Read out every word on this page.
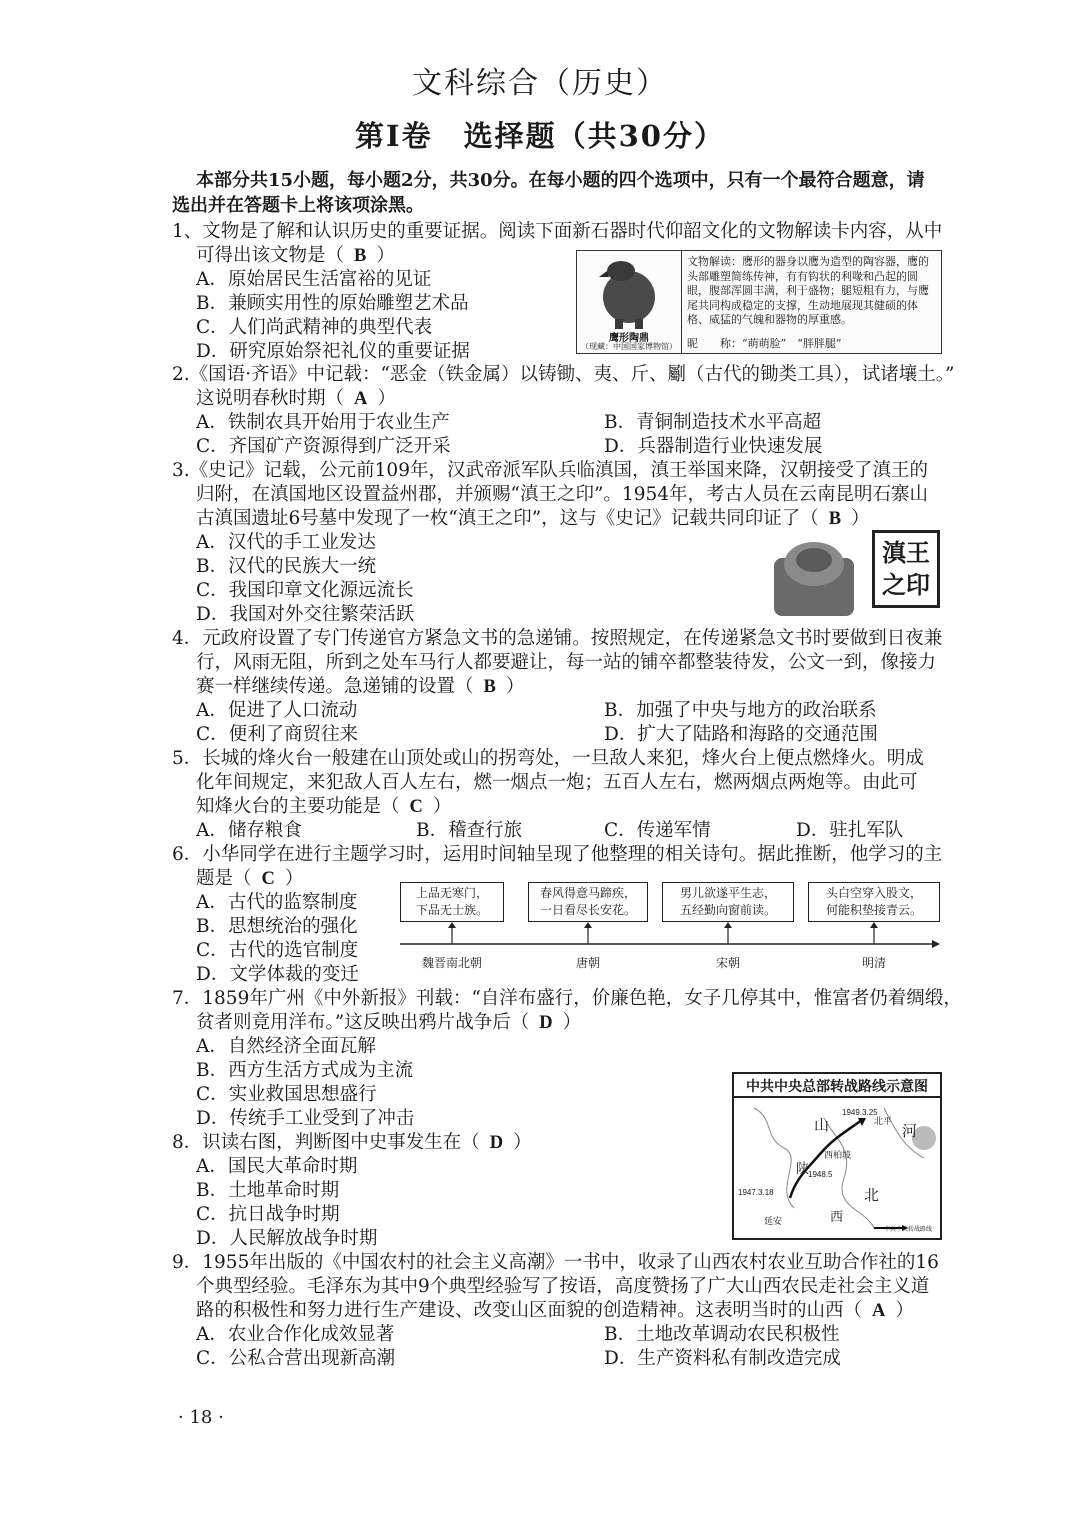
文科综合（历史）
第Ⅰ卷　选择题（共30分）
本部分共15小题，每小题2分，共30分。在每小题的四个选项中，只有一个最符合题意，请选出并在答题卡上将该项涂黑。
1、文物是了解和认识历史的重要证据。阅读下面新石器时代仰韶文化的文物解读卡内容，从中
可得出该文物是（ B ）
A．原始居民生活富裕的见证
B．兼顾实用性的原始雕塑艺术品
C．人们尚武精神的典型代表
D．研究原始祭祀礼仪的重要证据
鹰形陶鼎
（现藏：中国国家博物馆）
文物解读：鹰形的器身以鹰为造型的陶容器，鹰的头部雕塑简练传神，有有钩状的利喙和凸起的圆眼，腹部浑圆丰满，利于盛物；腿短粗有力，与鹰尾共同构成稳定的支撑，生动地展现其健硕的体格、威猛的气魄和器物的厚重感。
昵　　称：“萌萌脸”　“胖胖腿”
2.《国语·齐语》中记载：“恶金（铁金属）以铸锄、夷、斤、劚（古代的锄类工具），试诸壤土。”
这说明春秋时期（ A ）
A．铁制农具开始用于农业生产	B．青铜制造技术水平高超
C．齐国矿产资源得到广泛开采	D．兵器制造行业快速发展
3.《史记》记载，公元前109年，汉武帝派军队兵临滇国，滇王举国来降，汉朝接受了滇王的
归附，在滇国地区设置益州郡，并颁赐“滇王之印”。1954年，考古人员在云南昆明石寨山
古滇国遗址6号墓中发现了一枚“滇王之印”，这与《史记》记载共同印证了（ B ）
A．汉代的手工业发达
B．汉代的民族大一统
C．我国印章文化源远流长
D．我国对外交往繁荣活跃
滇王
之印
4．元政府设置了专门传递官方紧急文书的急递铺。按照规定，在传递紧急文书时要做到日夜兼
行，风雨无阻，所到之处车马行人都要避让，每一站的铺卒都整装待发，公文一到，像接力
赛一样继续传递。急递铺的设置（ B ）
A．促进了人口流动	B．加强了中央与地方的政治联系
C．便利了商贸往来	D．扩大了陆路和海路的交通范围
5．长城的烽火台一般建在山顶处或山的拐弯处，一旦敌人来犯，烽火台上便点燃烽火。明成
化年间规定，来犯敌人百人左右，燃一烟点一炮；五百人左右，燃两烟点两炮等。由此可
知烽火台的主要功能是（ C ）
A．储存粮食	B．稽查行旅	C．传递军情	D．驻扎军队
6．小华同学在进行主题学习时，运用时间轴呈现了他整理的相关诗句。据此推断，他学习的主
题是（ C ）
A．古代的监察制度
B．思想统治的强化
C．古代的选官制度
D．文学体裁的变迁
上品无寒门，
下品无士族。
春风得意马蹄疾，
一日看尽长安花。
男儿欲遂平生志，
五经勤向窗前读。
头白空穿入股文，
何能积垫接青云。
魏晋南北朝	唐朝	宋朝	明清
7．1859年广州《中外新报》刊载：“自洋布盛行，价廉色艳，女子几停其中，惟富者仍着绸缎，
贫者则竟用洋布。”这反映出鸦片战争后（ D ）
A．自然经济全面瓦解
B．西方生活方式成为主流
C．实业救国思想盛行
D．传统手工业受到了冲击
8．识读右图，判断图中史事发生在（ D ）
A．国民大革命时期
B．土地革命时期
C．抗日战争时期
D．人民解放战争时期
中共中央总部转战路线示意图
山
陕
西
北
河
西柏坡
北平
延安
1947.3.18
1949.3.25
1948.5
中共中央转战路线
9．1955年出版的《中国农村的社会主义高潮》一书中，收录了山西农村农业互助合作社的16
个典型经验。毛泽东为其中9个典型经验写了按语，高度赞扬了广大山西农民走社会主义道
路的积极性和努力进行生产建设、改变山区面貌的创造精神。这表明当时的山西（ A ）
A．农业合作化成效显著	B．土地改革调动农民积极性
C．公私合营出现新高潮	D．生产资料私有制改造完成
· 18 ·
